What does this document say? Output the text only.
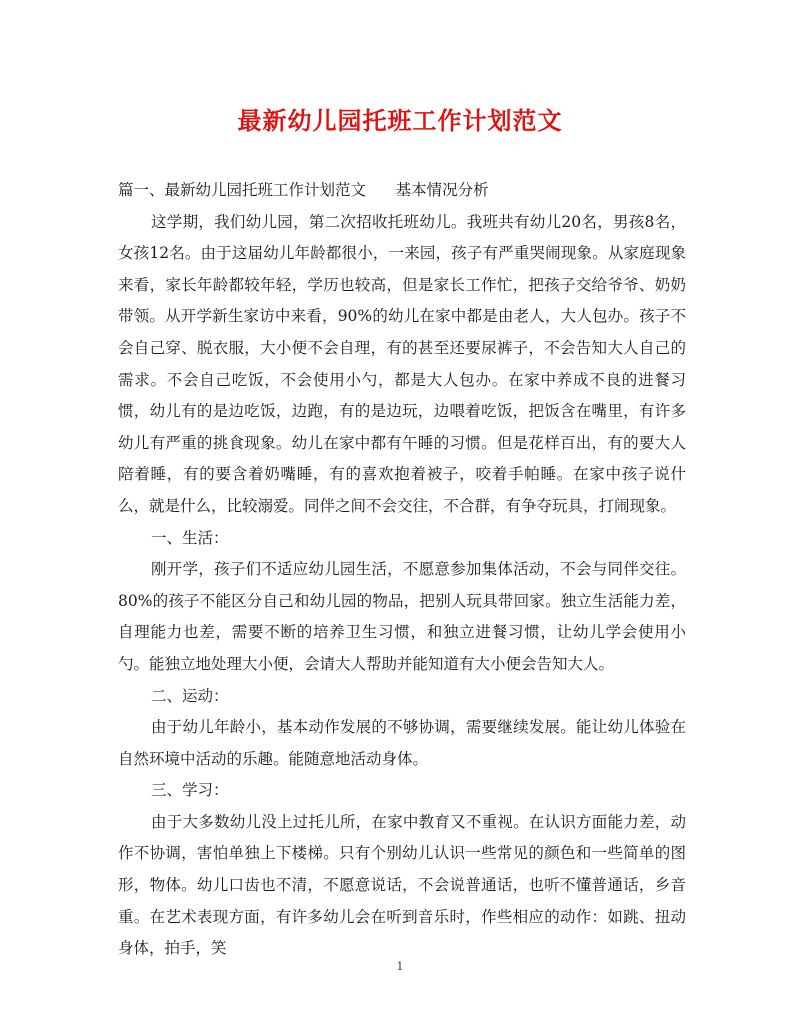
最新幼儿园托班工作计划范文

篇一、最新幼儿园托班工作计划范文      基本情况分析

这学期，我们幼儿园，第二次招收托班幼儿。我班共有幼儿20名，男孩8名，女孩12名。由于这届幼儿年龄都很小，一来园，孩子有严重哭闹现象。从家庭现象来看，家长年龄都较年轻，学历也较高，但是家长工作忙，把孩子交给爷爷、奶奶带领。从开学新生家访中来看，90%的幼儿在家中都是由老人，大人包办。孩子不会自己穿、脱衣服，大小便不会自理，有的甚至还要尿裤子，不会告知大人自己的需求。不会自己吃饭，不会使用小勺，都是大人包办。在家中养成不良的进餐习惯，幼儿有的是边吃饭，边跑，有的是边玩，边喂着吃饭，把饭含在嘴里，有许多幼儿有严重的挑食现象。幼儿在家中都有午睡的习惯。但是花样百出，有的要大人陪着睡，有的要含着奶嘴睡，有的喜欢抱着被子，咬着手帕睡。在家中孩子说什么，就是什么，比较溺爱。同伴之间不会交往，不合群，有争夺玩具，打闹现象。

一、生活：

刚开学，孩子们不适应幼儿园生活，不愿意参加集体活动，不会与同伴交往。80%的孩子不能区分自己和幼儿园的物品，把别人玩具带回家。独立生活能力差，自理能力也差，需要不断的培养卫生习惯，和独立进餐习惯，让幼儿学会使用小勺。能独立地处理大小便，会请大人帮助并能知道有大小便会告知大人。

二、运动：

由于幼儿年龄小，基本动作发展的不够协调，需要继续发展。能让幼儿体验在自然环境中活动的乐趣。能随意地活动身体。

三、学习：

由于大多数幼儿没上过托儿所，在家中教育又不重视。在认识方面能力差，动作不协调，害怕单独上下楼梯。只有个别幼儿认识一些常见的颜色和一些简单的图形，物体。幼儿口齿也不清，不愿意说话，不会说普通话，也听不懂普通话，乡音重。在艺术表现方面，有许多幼儿会在听到音乐时，作些相应的动作：如跳、扭动身体，拍手，笑

1
